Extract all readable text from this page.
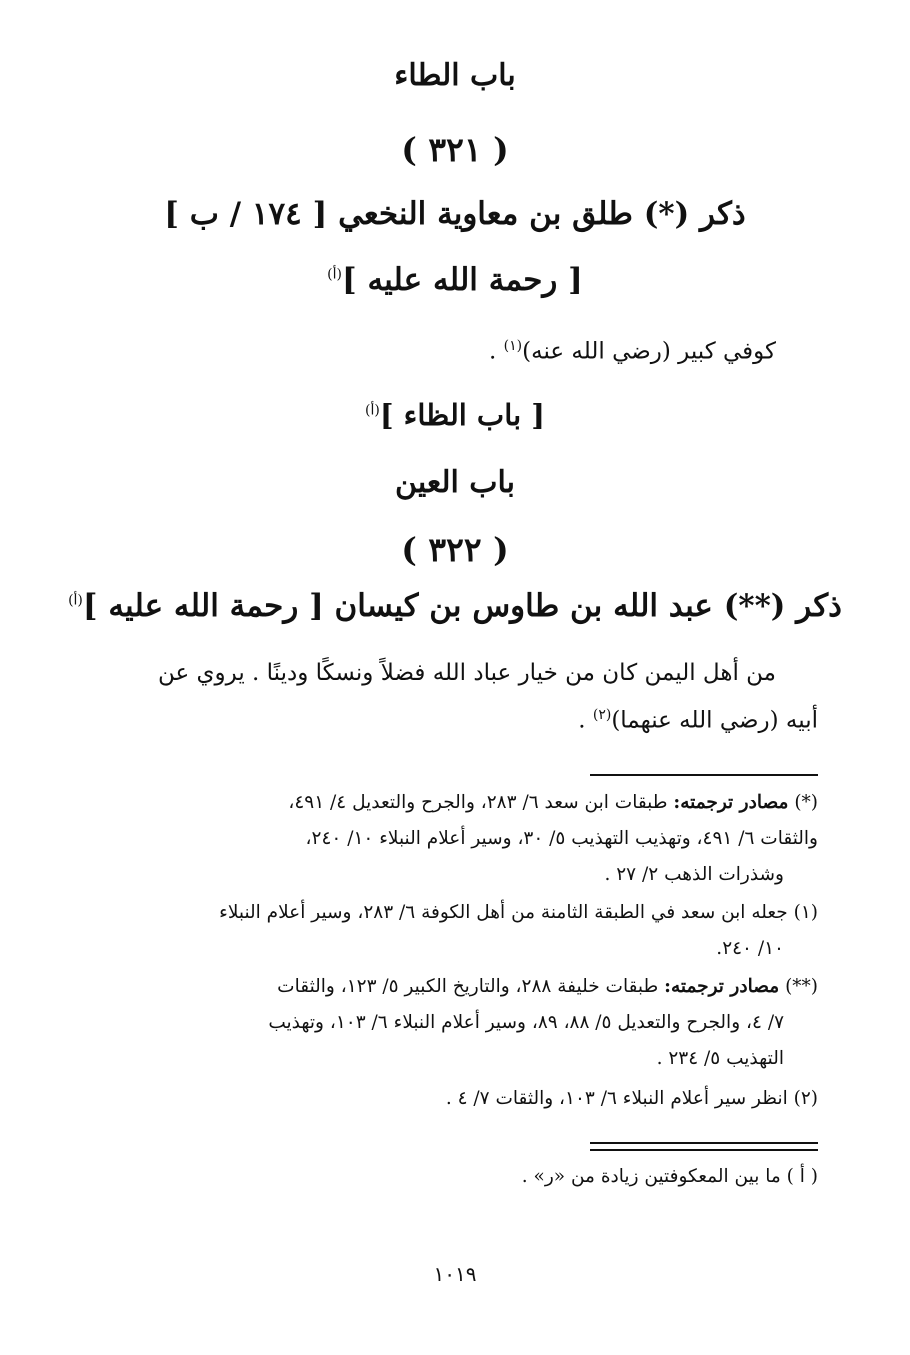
باب الطاء
( ٣٢١ )
ذكر (*) طلق بن معاوية النخعي [ ١٧٤ / ب ]
[ رحمة الله عليه ]$^{(أ)}$
كوفي كبير (رضي الله عنه)$^{(١)}$ .
[ باب الظاء ]$^{(أ)}$
باب العين
( ٣٢٢ )
ذكر (**) عبد الله بن طاوس بن كيسان [ رحمة الله عليه ]$^{(أ)}$
من أهل اليمن كان من خيار عباد الله فضلاً ونسكًا ودينًا . يروي عن
أبيه (رضي الله عنهما)$^{(٢)}$ .
(*) مصادر ترجمته: طبقات ابن سعد ٦/ ٢٨٣، والجرح والتعديل ٤/ ٤٩١،
والثقات ٦/ ٤٩١، وتهذيب التهذيب ٥/ ٣٠، وسير أعلام النبلاء ١٠/ ٢٤٠،
وشذرات الذهب ٢/ ٢٧ .
(١) جعله ابن سعد في الطبقة الثامنة من أهل الكوفة ٦/ ٢٨٣، وسير أعلام النبلاء
١٠/ ٢٤٠.
(**) مصادر ترجمته: طبقات خليفة ٢٨٨، والتاريخ الكبير ٥/ ١٢٣، والثقات
٧/ ٤، والجرح والتعديل ٥/ ٨٨، ٨٩، وسير أعلام النبلاء ٦/ ١٠٣، وتهذيب
التهذيب ٥/ ٢٣٤ .
(٢) انظر سير أعلام النبلاء ٦/ ١٠٣، والثقات ٧/ ٤ .
( أ ) ما بين المعكوفتين زيادة من «ر» .
١٠١٩
